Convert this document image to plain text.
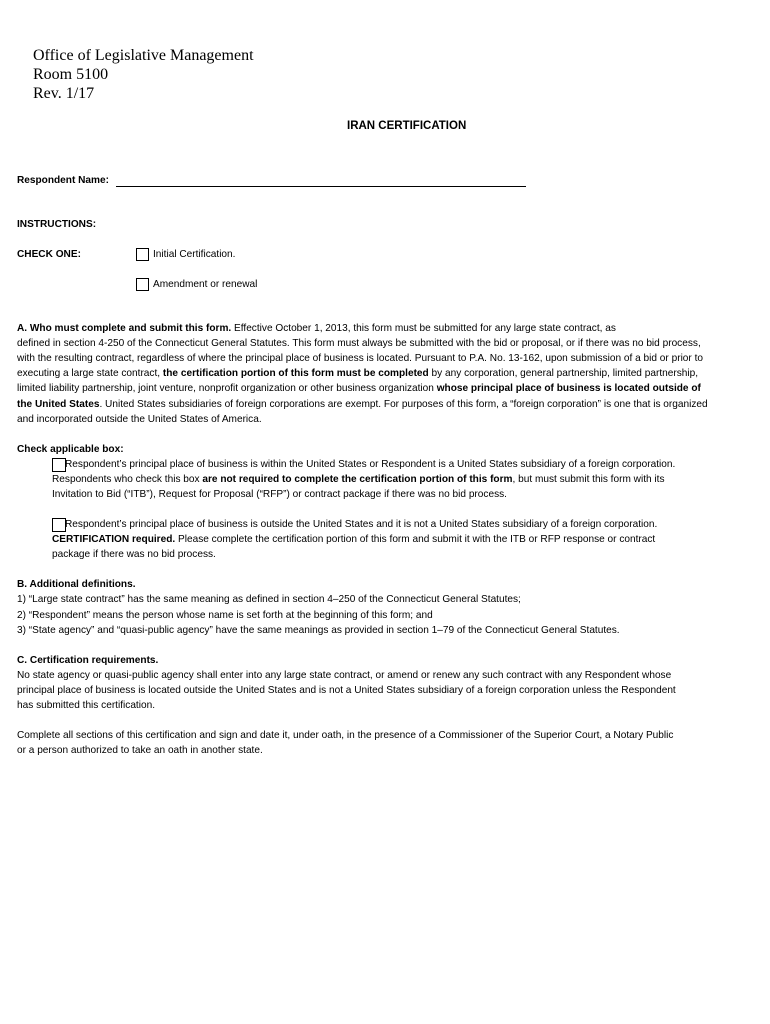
Office of Legislative Management
Room 5100
Rev. 1/17
IRAN CERTIFICATION
Respondent Name:
INSTRUCTIONS:
CHECK ONE:	Initial Certification.
Amendment or renewal
A. Who must complete and submit this form. Effective October 1, 2013, this form must be submitted for any large state contract, as
defined in section 4-250 of the Connecticut General Statutes. This form must always be submitted with the bid or proposal, or if there was no bid process,
with the resulting contract, regardless of where the principal place of business is located. Pursuant to P.A. No. 13-162, upon submission of a bid or prior to
executing a large state contract, the certification portion of this form must be completed by any corporation, general partnership, limited partnership,
limited liability partnership, joint venture, nonprofit organization or other business organization whose principal place of business is located outside of
the United States. United States subsidiaries of foreign corporations are exempt. For purposes of this form, a “foreign corporation” is one that is organized
and incorporated outside the United States of America.
Check applicable box:
Respondent’s principal place of business is within the United States or Respondent is a United States subsidiary of a foreign corporation.
Respondents who check this box are not required to complete the certification portion of this form, but must submit this form with its
Invitation to Bid (“ITB”), Request for Proposal (“RFP”) or contract package if there was no bid process.
Respondent’s principal place of business is outside the United States and it is not a United States subsidiary of a foreign corporation.
CERTIFICATION required. Please complete the certification portion of this form and submit it with the ITB or RFP response or contract
package if there was no bid process.
B. Additional definitions.
1) “Large state contract” has the same meaning as defined in section 4–250 of the Connecticut General Statutes;
2) “Respondent” means the person whose name is set forth at the beginning of this form; and
3) “State agency” and “quasi-public agency” have the same meanings as provided in section 1–79 of the Connecticut General Statutes.
C. Certification requirements.
No state agency or quasi-public agency shall enter into any large state contract, or amend or renew any such contract with any Respondent whose
principal place of business is located outside the United States and is not a United States subsidiary of a foreign corporation unless the Respondent
has submitted this certification.
Complete all sections of this certification and sign and date it, under oath, in the presence of a Commissioner of the Superior Court, a Notary Public
or a person authorized to take an oath in another state.
